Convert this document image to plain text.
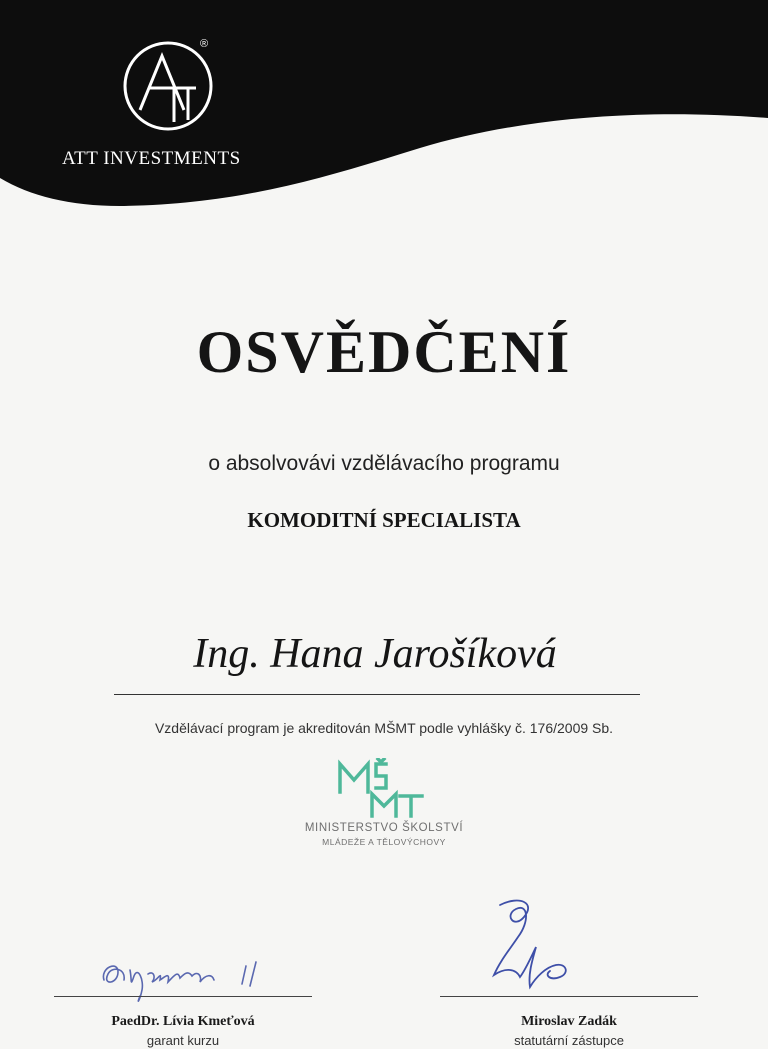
®
ATT INVESTMENTS
OSVĚDČENÍ
o absolvovávi vzdělávacího programu
KOMODITNÍ SPECIALISTA
Ing. Hana Jarošíková
Vzdělávací program je akreditován MŠMT podle vyhlášky č. 176/2009 Sb.
MINISTERSTVO ŠKOLSTVÍ
MLÁDEŽE A TĚLOVÝCHOVY
PaedDr. Lívia Kmeťová
garant kurzu
Miroslav Zadák
statutární zástupce
